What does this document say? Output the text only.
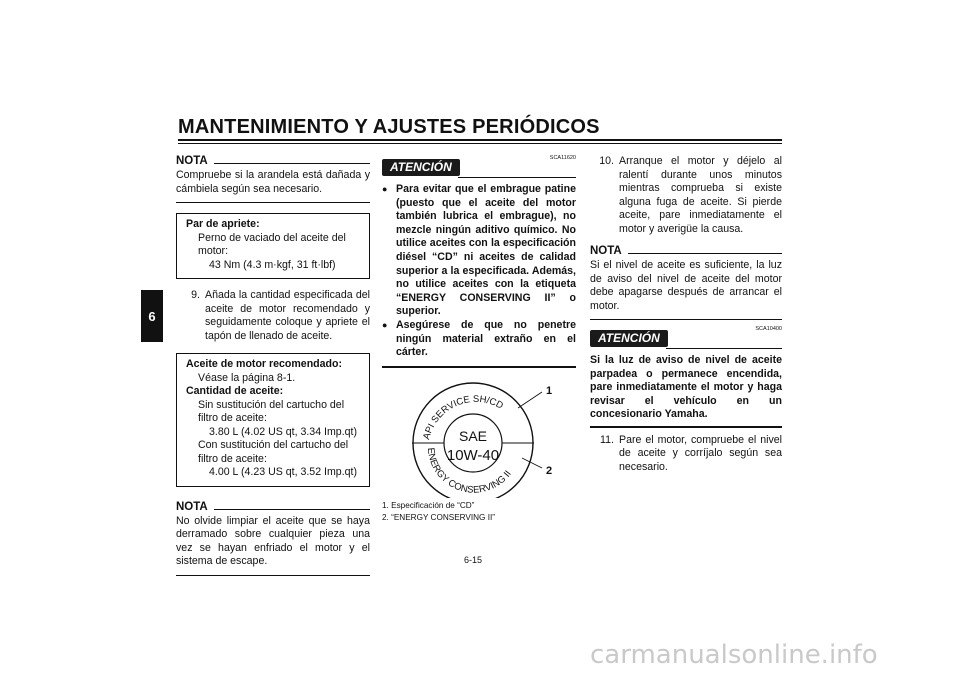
MANTENIMIENTO Y AJUSTES PERIÓDICOS
6
NOTA
Compruebe si la arandela está dañada y cámbiela según sea necesario.
Par de apriete:
Perno de vaciado del aceite del motor:
43 Nm (4.3 m·kgf, 31 ft·lbf)
9. Añada la cantidad especificada del aceite de motor recomendado y seguidamente coloque y apriete el tapón de llenado de aceite.
Aceite de motor recomendado:
Véase la página 8-1.
Cantidad de aceite:
Sin sustitución del cartucho del filtro de aceite:
3.80 L (4.02 US qt, 3.34 Imp.qt)
Con sustitución del cartucho del filtro de aceite:
4.00 L (4.23 US qt, 3.52 Imp.qt)
NOTA
No olvide limpiar el aceite que se haya derramado sobre cualquier pieza una vez se hayan enfriado el motor y el sistema de escape.
ATENCIÓN
SCA11620
● Para evitar que el embrague patine (puesto que el aceite del motor también lubrica el embrague), no mezcle ningún aditivo químico. No utilice aceites con la especificación diésel “CD” ni aceites de calidad superior a la especificada. Además, no utilice aceites con la etiqueta “ENERGY CONSERVING II” o superior.
● Asegúrese de que no penetre ningún material extraño en el cárter.
API SERVICE SH/CD
ENERGY CONSERVING II
SAE
10W-40
1
2
1. Especificación de “CD”
2. “ENERGY CONSERVING II”
10. Arranque el motor y déjelo al ralentí durante unos minutos mientras comprueba si existe alguna fuga de aceite. Si pierde aceite, pare inmediatamente el motor y averigüe la causa.
NOTA
Si el nivel de aceite es suficiente, la luz de aviso del nivel de aceite del motor debe apagarse después de arrancar el motor.
ATENCIÓN
SCA10400
Si la luz de aviso de nivel de aceite parpadea o permanece encendida, pare inmediatamente el motor y haga revisar el vehículo en un concesionario Yamaha.
11. Pare el motor, compruebe el nivel de aceite y corríjalo según sea necesario.
6-15
carmanualsonline.info
